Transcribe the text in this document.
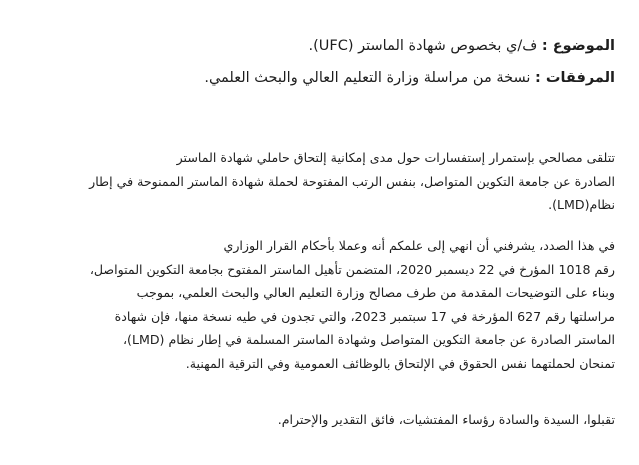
الموضوع : ف/ي بخصوص شهادة الماستر (UFC).
المرفقات : نسخة من مراسلة وزارة التعليم العالي والبحث العلمي.
تتلقى مصالحي بإستمرار إستفسارات حول مدى إمكانية إلتحاق حاملي شهادة الماستر
الصادرة عن جامعة التكوين المتواصل، بنفس الرتب المفتوحة لحملة شهادة الماستر الممنوحة في إطار
نظام(LMD).
في هذا الصدد، يشرفني أن انهي إلى علمكم أنه وعملا بأحكام القرار الوزاري
رقم 1018 المؤرخ في 22 ديسمبر 2020، المتضمن تأهيل الماستر المفتوح بجامعة التكوين المتواصل،
وبناء على التوضيحات المقدمة من طرف مصالح وزارة التعليم العالي والبحث العلمي، بموجب
مراسلتها رقم 627 المؤرخة في 17 سبتمبر 2023، والتي تجدون في طيه نسخة منها، فإن شهادة
الماستر الصادرة عن جامعة التكوين المتواصل وشهادة الماستر المسلمة في إطار نظام (LMD)،
تمنحان لحملتهما نفس الحقوق في الإلتحاق بالوظائف العمومية وفي الترقية المهنية.
تقبلوا، السيدة والسادة رؤساء المفتشيات، فائق التقدير والإحترام.
